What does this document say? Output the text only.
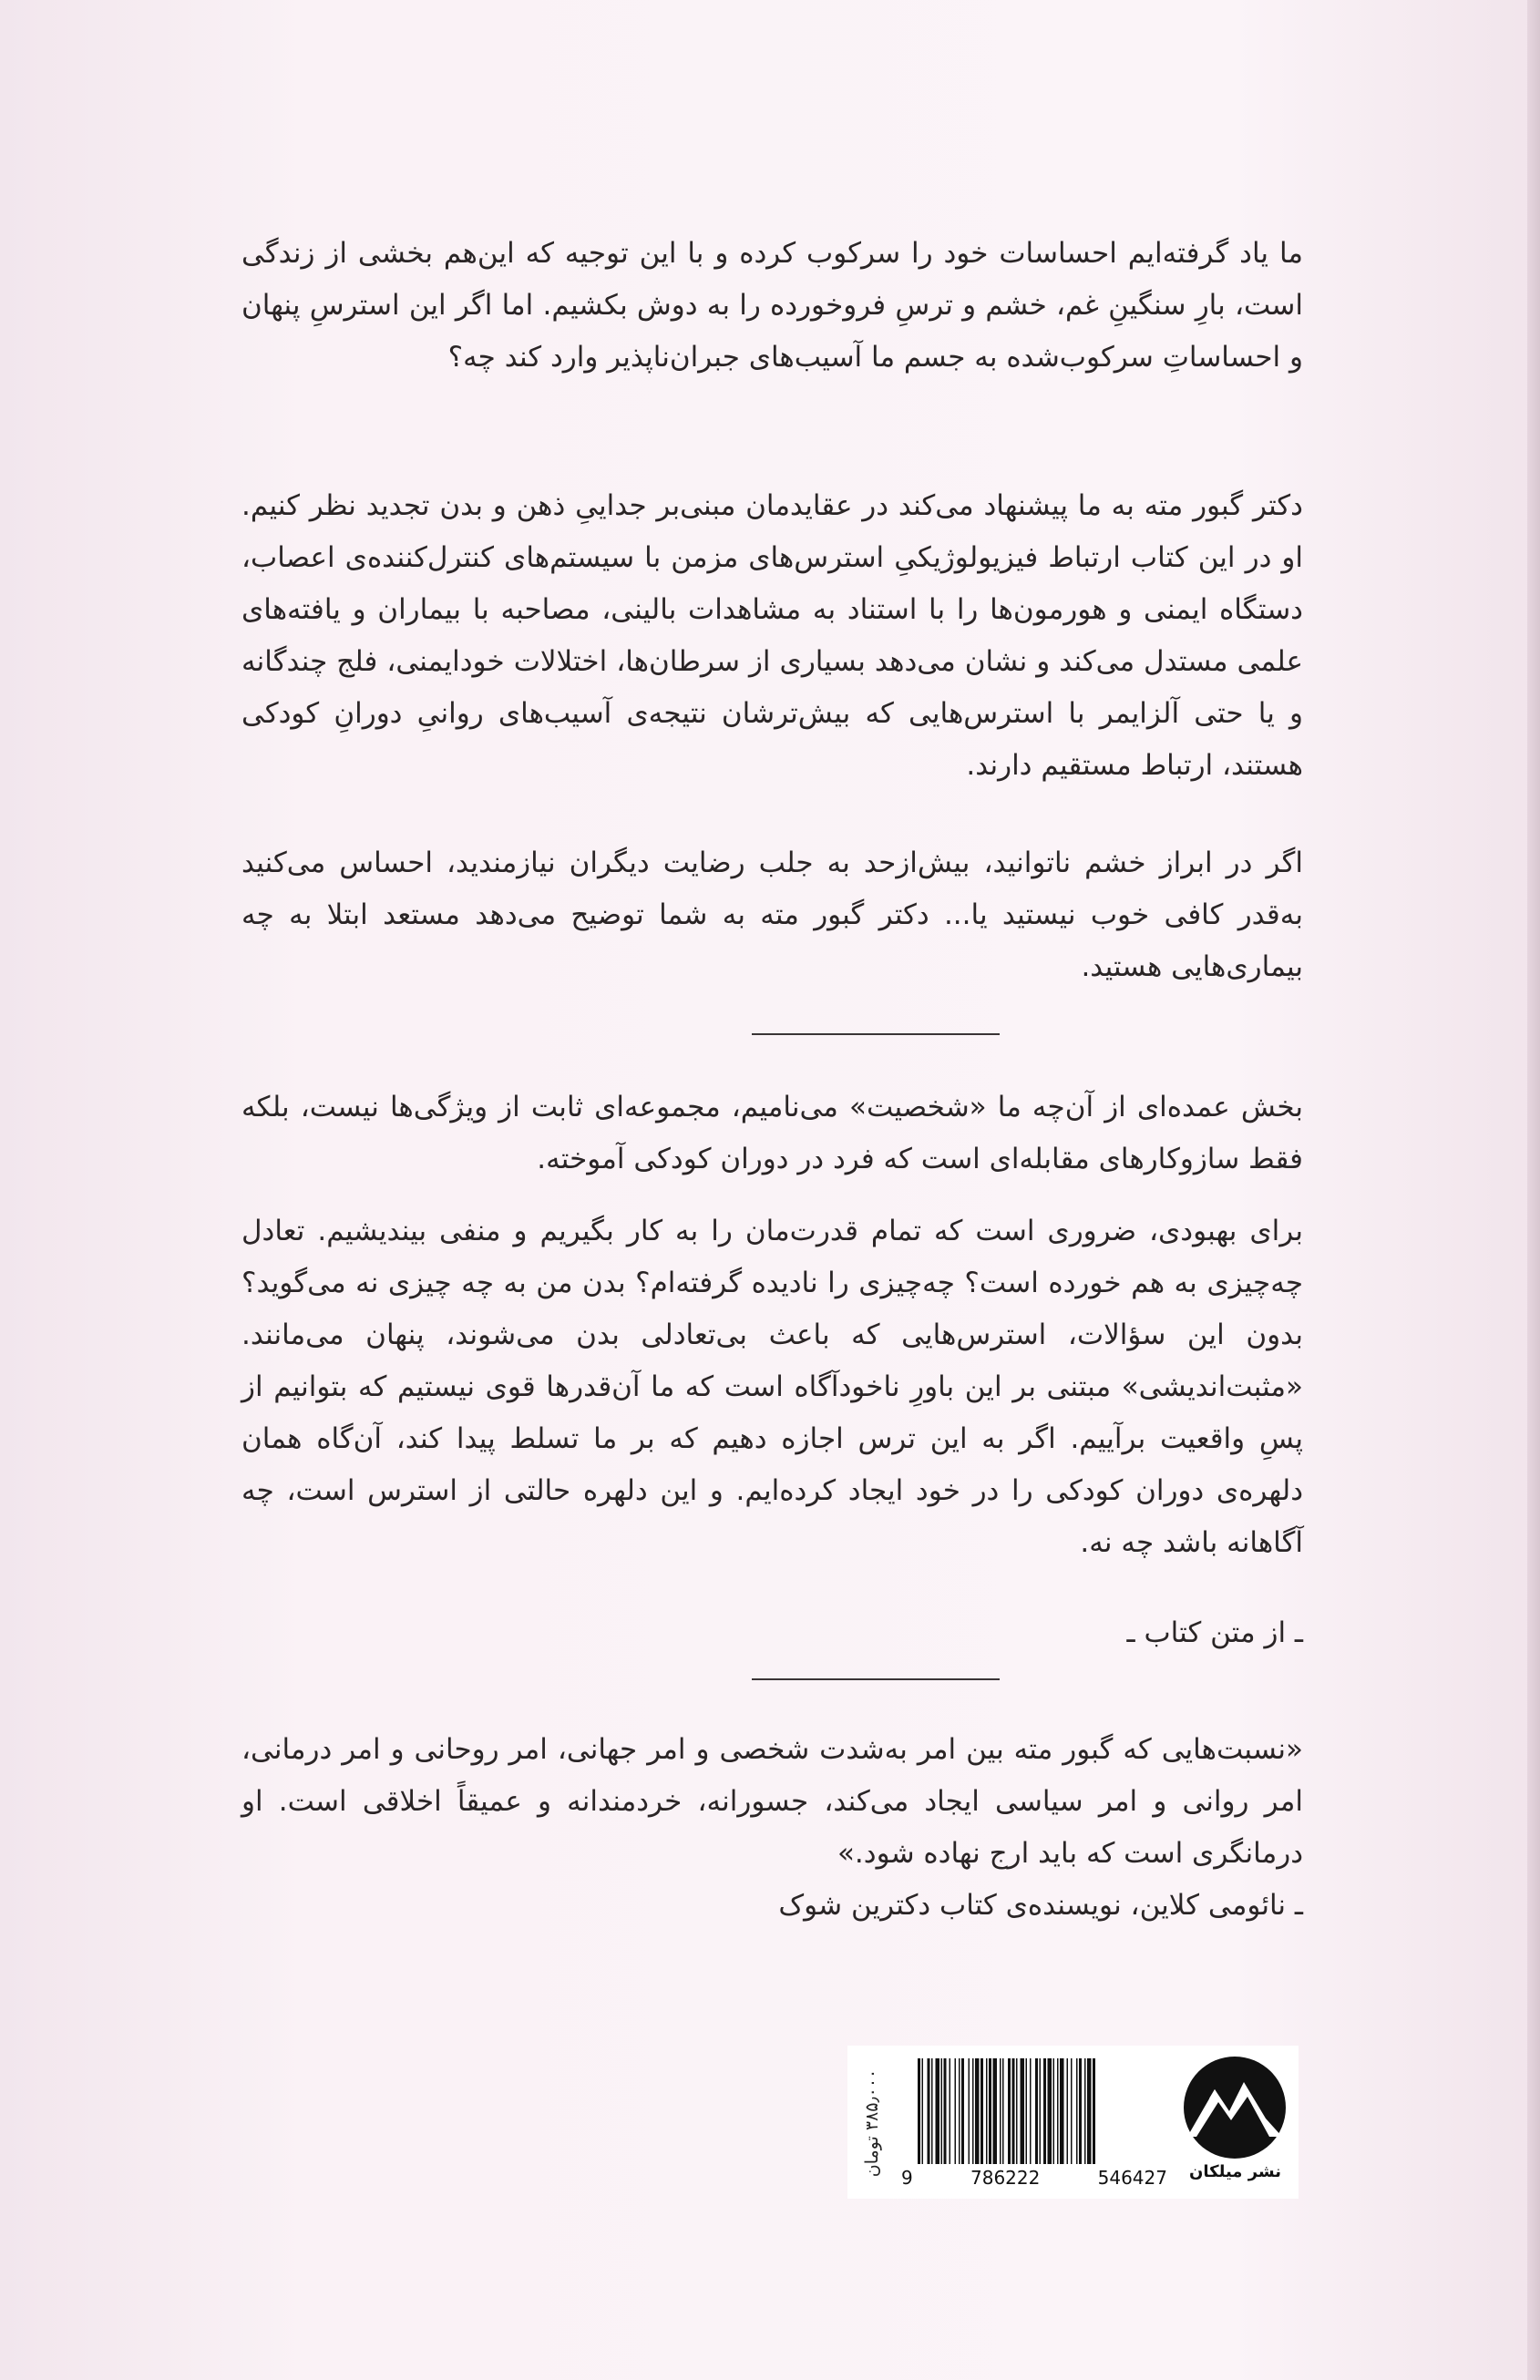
ما یاد گرفته‌ایم احساسات خود را سرکوب کرده و با این توجیه که این‌هم بخشی از زندگی است، بارِ سنگینِ غم، خشم و ترسِ فروخورده را به دوش بکشیم. اما اگر این استرسِ پنهان و احساساتِ سرکوب‌شده به جسم ما آسیب‌های جبران‌ناپذیر وارد کند چه؟

دکتر گبور مته به ما پیشنهاد می‌کند در عقایدمان مبنی‌بر جداییِ ذهن و بدن تجدید نظر کنیم. او در این کتاب ارتباط فیزیولوژیکیِ استرس‌های مزمن با سیستم‌های کنترل‌کننده‌ی اعصاب، دستگاه ایمنی و هورمون‌ها را با استناد به مشاهدات بالینی، مصاحبه با بیماران و یافته‌های علمی مستدل می‌کند و نشان می‌دهد بسیاری از سرطان‌ها، اختلالات خودایمنی، فلج چندگانه و یا حتی آلزایمر با استرس‌هایی که بیش‌ترشان نتیجه‌ی آسیب‌های روانیِ دورانِ کودکی هستند، ارتباط مستقیم دارند.

اگر در ابراز خشم ناتوانید، بیش‌از‌حد به جلب رضایت دیگران نیازمندید، احساس می‌کنید به‌قدر کافی خوب نیستید یا... دکتر گبور مته به شما توضیح می‌دهد مستعد ابتلا به چه بیماری‌هایی هستید.

بخش عمده‌ای از آن‌چه ما «شخصیت» می‌نامیم، مجموعه‌ای ثابت از ویژگی‌ها نیست، بلکه فقط سازوکارهای مقابله‌ای است که فرد در دوران کودکی آموخته.

برای بهبودی، ضروری است که تمام قدرت‌مان را به کار بگیریم و منفی بیندیشیم. تعادل چه‌چیزی به هم خورده است؟ چه‌چیزی را نادیده گرفته‌ام؟ بدن من به چه چیزی نه می‌گوید؟ بدون این سؤالات، استرس‌هایی که باعث بی‌تعادلی بدن می‌شوند، پنهان می‌مانند. «مثبت‌اندیشی» مبتنی بر این باورِ ناخودآگاه است که ما آن‌قدرها قوی نیستیم که بتوانیم از پسِ واقعیت برآییم. اگر به این ترس اجازه دهیم که بر ما تسلط پیدا کند، آن‌گاه همان دلهره‌ی دوران کودکی را در خود ایجاد کرده‌ایم. و این دلهره حالتی از استرس است، چه آگاهانه باشد چه نه.

ـ از متن کتاب ـ

«نسبت‌هایی که گبور مته بین امر به‌شدت شخصی و امر جهانی، امر روحانی و امر درمانی، امر روانی و امر سیاسی ایجاد می‌کند، جسورانه، خردمندانه و عمیقاً اخلاقی است. او درمانگری است که باید ارج نهاده شود.»

ـ نائومی کلاین، نویسنده‌ی کتاب دکترین شوک

۳۸۵٫۰۰۰ تومان
9	786222	546427	نشر میلکان
